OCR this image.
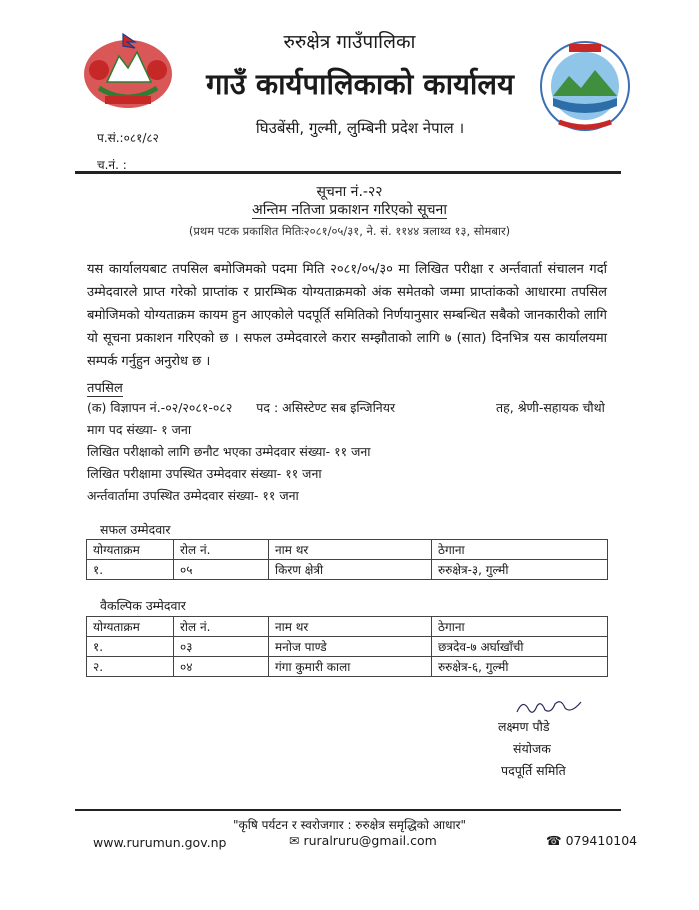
रुरुक्षेत्र गाउँपालिका
गाउँ कार्यपालिकाको कार्यालय
घिउबेंसी, गुल्मी, लुम्बिनी प्रदेश नेपाल ।
प.सं.:०८१/८२
च.नं. :
सूचना नं.-२२
अन्तिम नतिजा प्रकाशन गरिएको सूचना
(प्रथम पटक प्रकाशित मितिः२०८१/०५/३१, ने. सं. ११४४ त्रलाथ्व १३, सोमबार)
यस कार्यालयबाट तपसिल बमोजिमको पदमा मिति २०८१/०५/३० मा लिखित परीक्षा र अर्न्तवार्ता संचालन गर्दा उम्मेदवारले प्राप्त गरेको प्राप्तांक र प्रारम्भिक योग्यताक्रमको अंक समेतको जम्मा प्राप्तांकको आधारमा तपसिल बमोजिमको योग्यताक्रम कायम हुन आएकोले पदपूर्ति समितिको निर्णयानुसार सम्बन्धित सबैको जानकारीको लागि यो सूचना प्रकाशन गरिएको छ । सफल उम्मेदवारले करार सम्झौताको लागि ७ (सात) दिनभित्र यस कार्यालयमा सम्पर्क गर्नुहुन अनुरोध छ ।
तपसिल
(क) विज्ञापन नं.-०२/२०८१-०८२      पद : असिस्टेण्ट सब इन्जिनियर	तह, श्रेणी-सहायक चौथो
माग पद संख्या- १ जना
लिखित परीक्षाको लागि छनौट भएका उम्मेदवार संख्या- ११ जना
लिखित परीक्षामा उपस्थित उम्मेदवार संख्या- ११ जना
अर्न्तवार्तामा उपस्थित उम्मेदवार संख्या- ११ जना
सफल उम्मेदवार
योग्यताक्रम	रोल नं.	नाम थर	ठेगाना
१.	०५	किरण क्षेत्री	रुरुक्षेत्र-३, गुल्मी
वैकल्पिक उम्मेदवार
योग्यताक्रम	रोल नं.	नाम थर	ठेगाना
१.	०३	मनोज पाण्डे	छत्रदेव-७ अर्घाखाँची
२.	०४	गंगा कुमारी काला	रुरुक्षेत्र-६, गुल्मी
लक्ष्मण पौडे
संयोजक
पदपूर्ति समिति
"कृषि पर्यटन र स्वरोजगार : रुरुक्षेत्र समृद्धिको आधार"
www.rurumun.gov.np	✉ ruralruru@gmail.com	☎ 079410104
